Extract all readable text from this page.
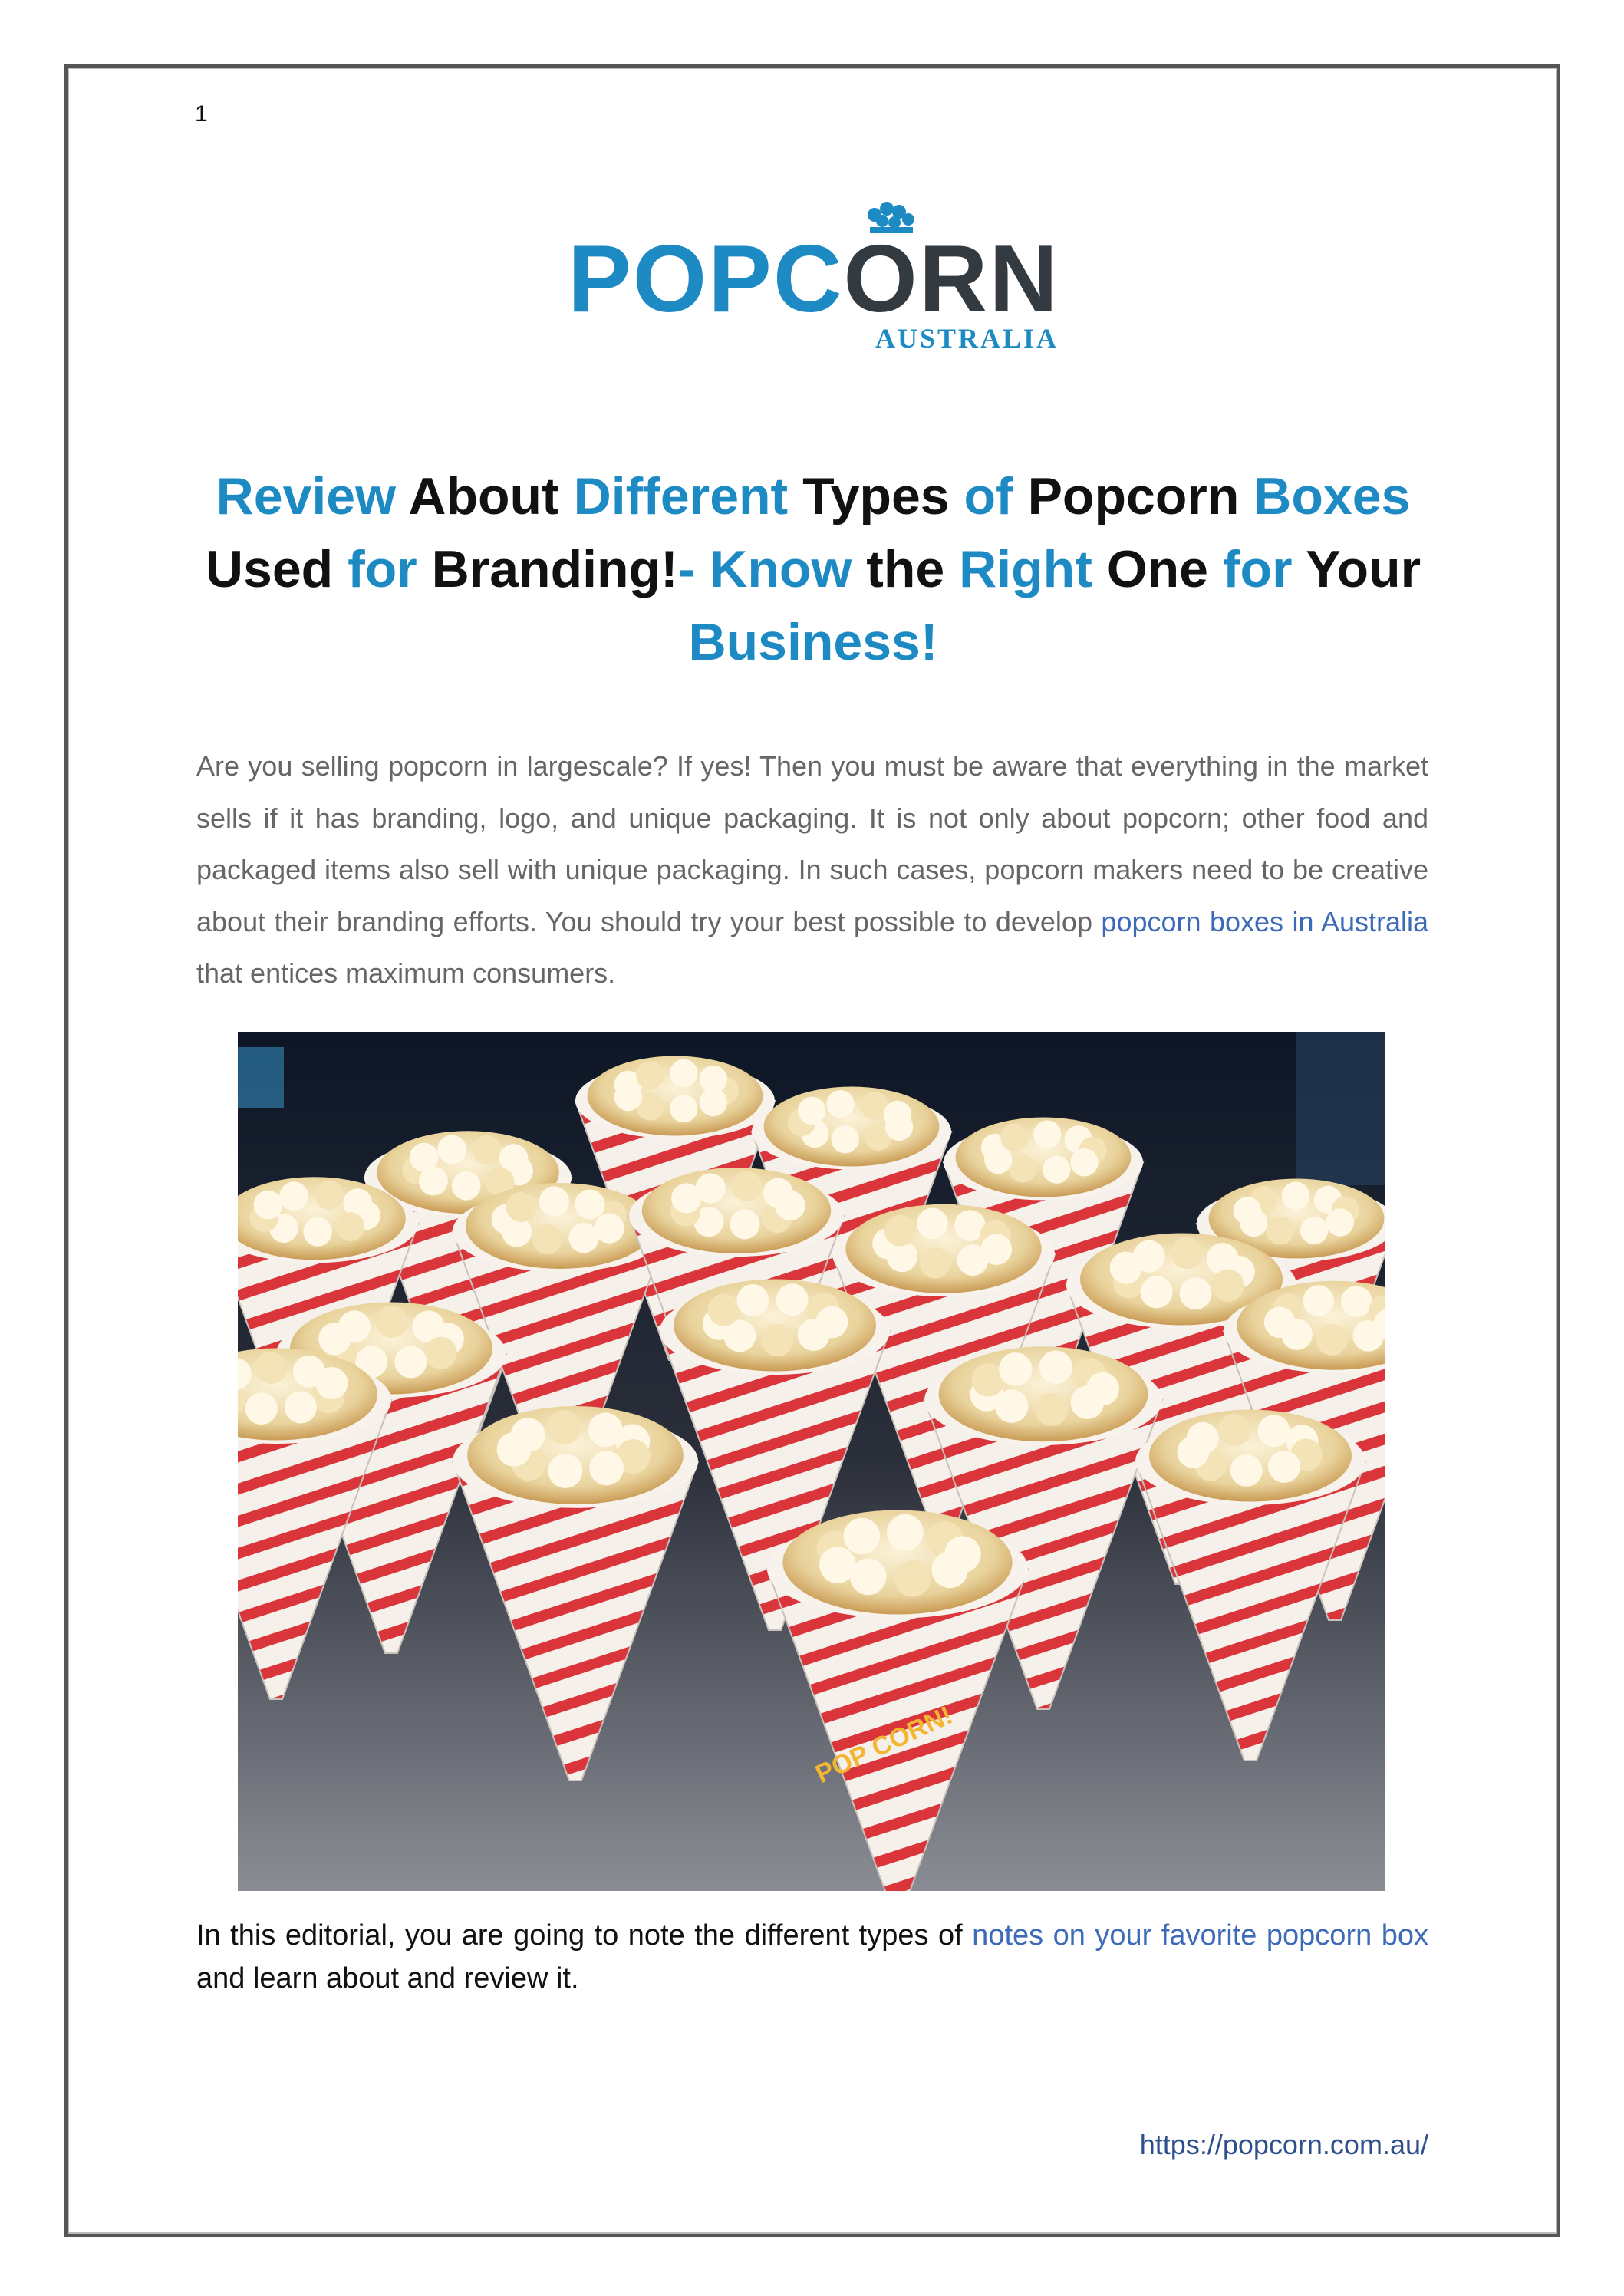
1
POPCORN
AUSTRALIA
Review About Different Types of Popcorn Boxes
Used for Branding!- Know the Right One for Your
Business!

Are you selling popcorn in largescale? If yes! Then you must be aware that everything in the market sells if it has branding, logo, and unique packaging. It is not only about popcorn; other food and packaged items also sell with unique packaging. In such cases, popcorn makers need to be creative about their branding efforts. You should try your best possible to develop popcorn boxes in Australia that entices maximum consumers.

POP CORN!

In this editorial, you are going to note the different types of notes on your favorite popcorn box and learn about and review it.

https://popcorn.com.au/
